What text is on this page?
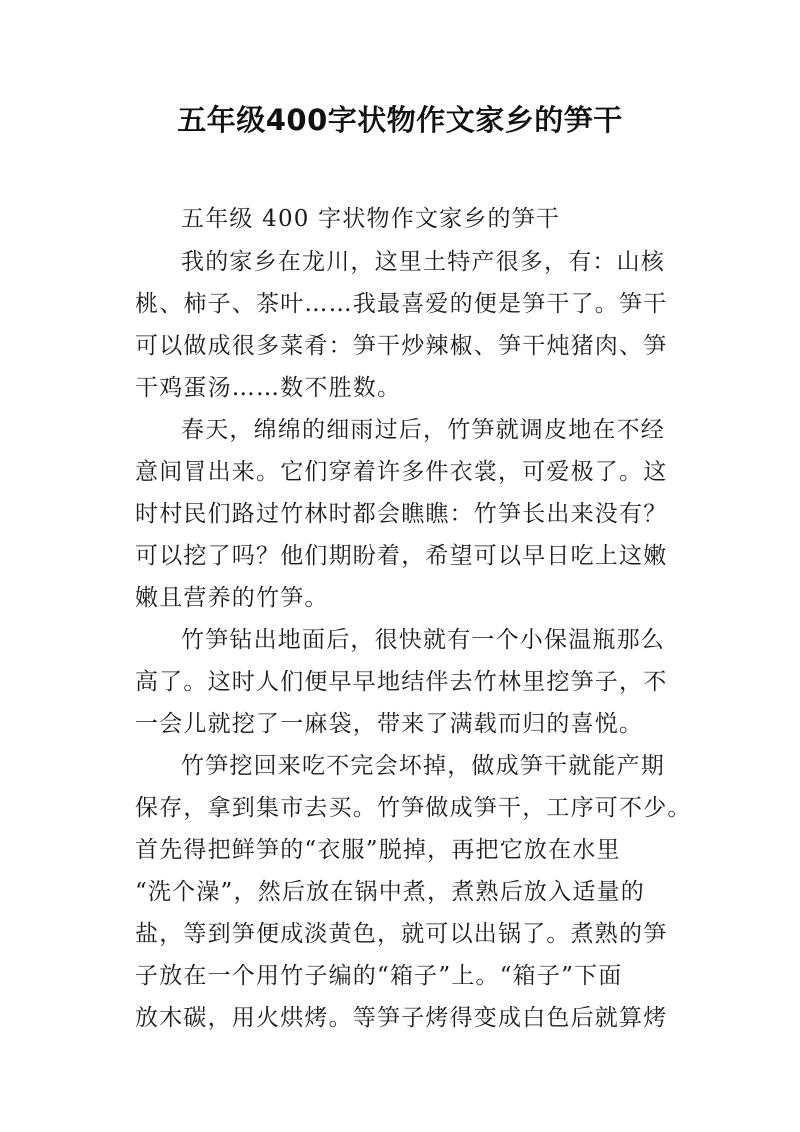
五年级400字状物作文家乡的笋干
五年级 400 字状物作文家乡的笋干
我的家乡在龙川，这里土特产很多，有：山核
桃、柿子、茶叶……我最喜爱的便是笋干了。笋干
可以做成很多菜肴：笋干炒辣椒、笋干炖猪肉、笋
干鸡蛋汤……数不胜数。
春天，绵绵的细雨过后，竹笋就调皮地在不经
意间冒出来。它们穿着许多件衣裳，可爱极了。这
时村民们路过竹林时都会瞧瞧：竹笋长出来没有？
可以挖了吗？他们期盼着，希望可以早日吃上这嫩
嫩且营养的竹笋。
竹笋钻出地面后，很快就有一个小保温瓶那么
高了。这时人们便早早地结伴去竹林里挖笋子，不
一会儿就挖了一麻袋，带来了满载而归的喜悦。
竹笋挖回来吃不完会坏掉，做成笋干就能产期
保存，拿到集市去买。竹笋做成笋干，工序可不少。
首先得把鲜笋的“衣服”脱掉，再把它放在水里
“洗个澡”，然后放在锅中煮，煮熟后放入适量的
盐，等到笋便成淡黄色，就可以出锅了。煮熟的笋
子放在一个用竹子编的“箱子”上。“箱子”下面
放木碳，用火烘烤。等笋子烤得变成白色后就算烤
